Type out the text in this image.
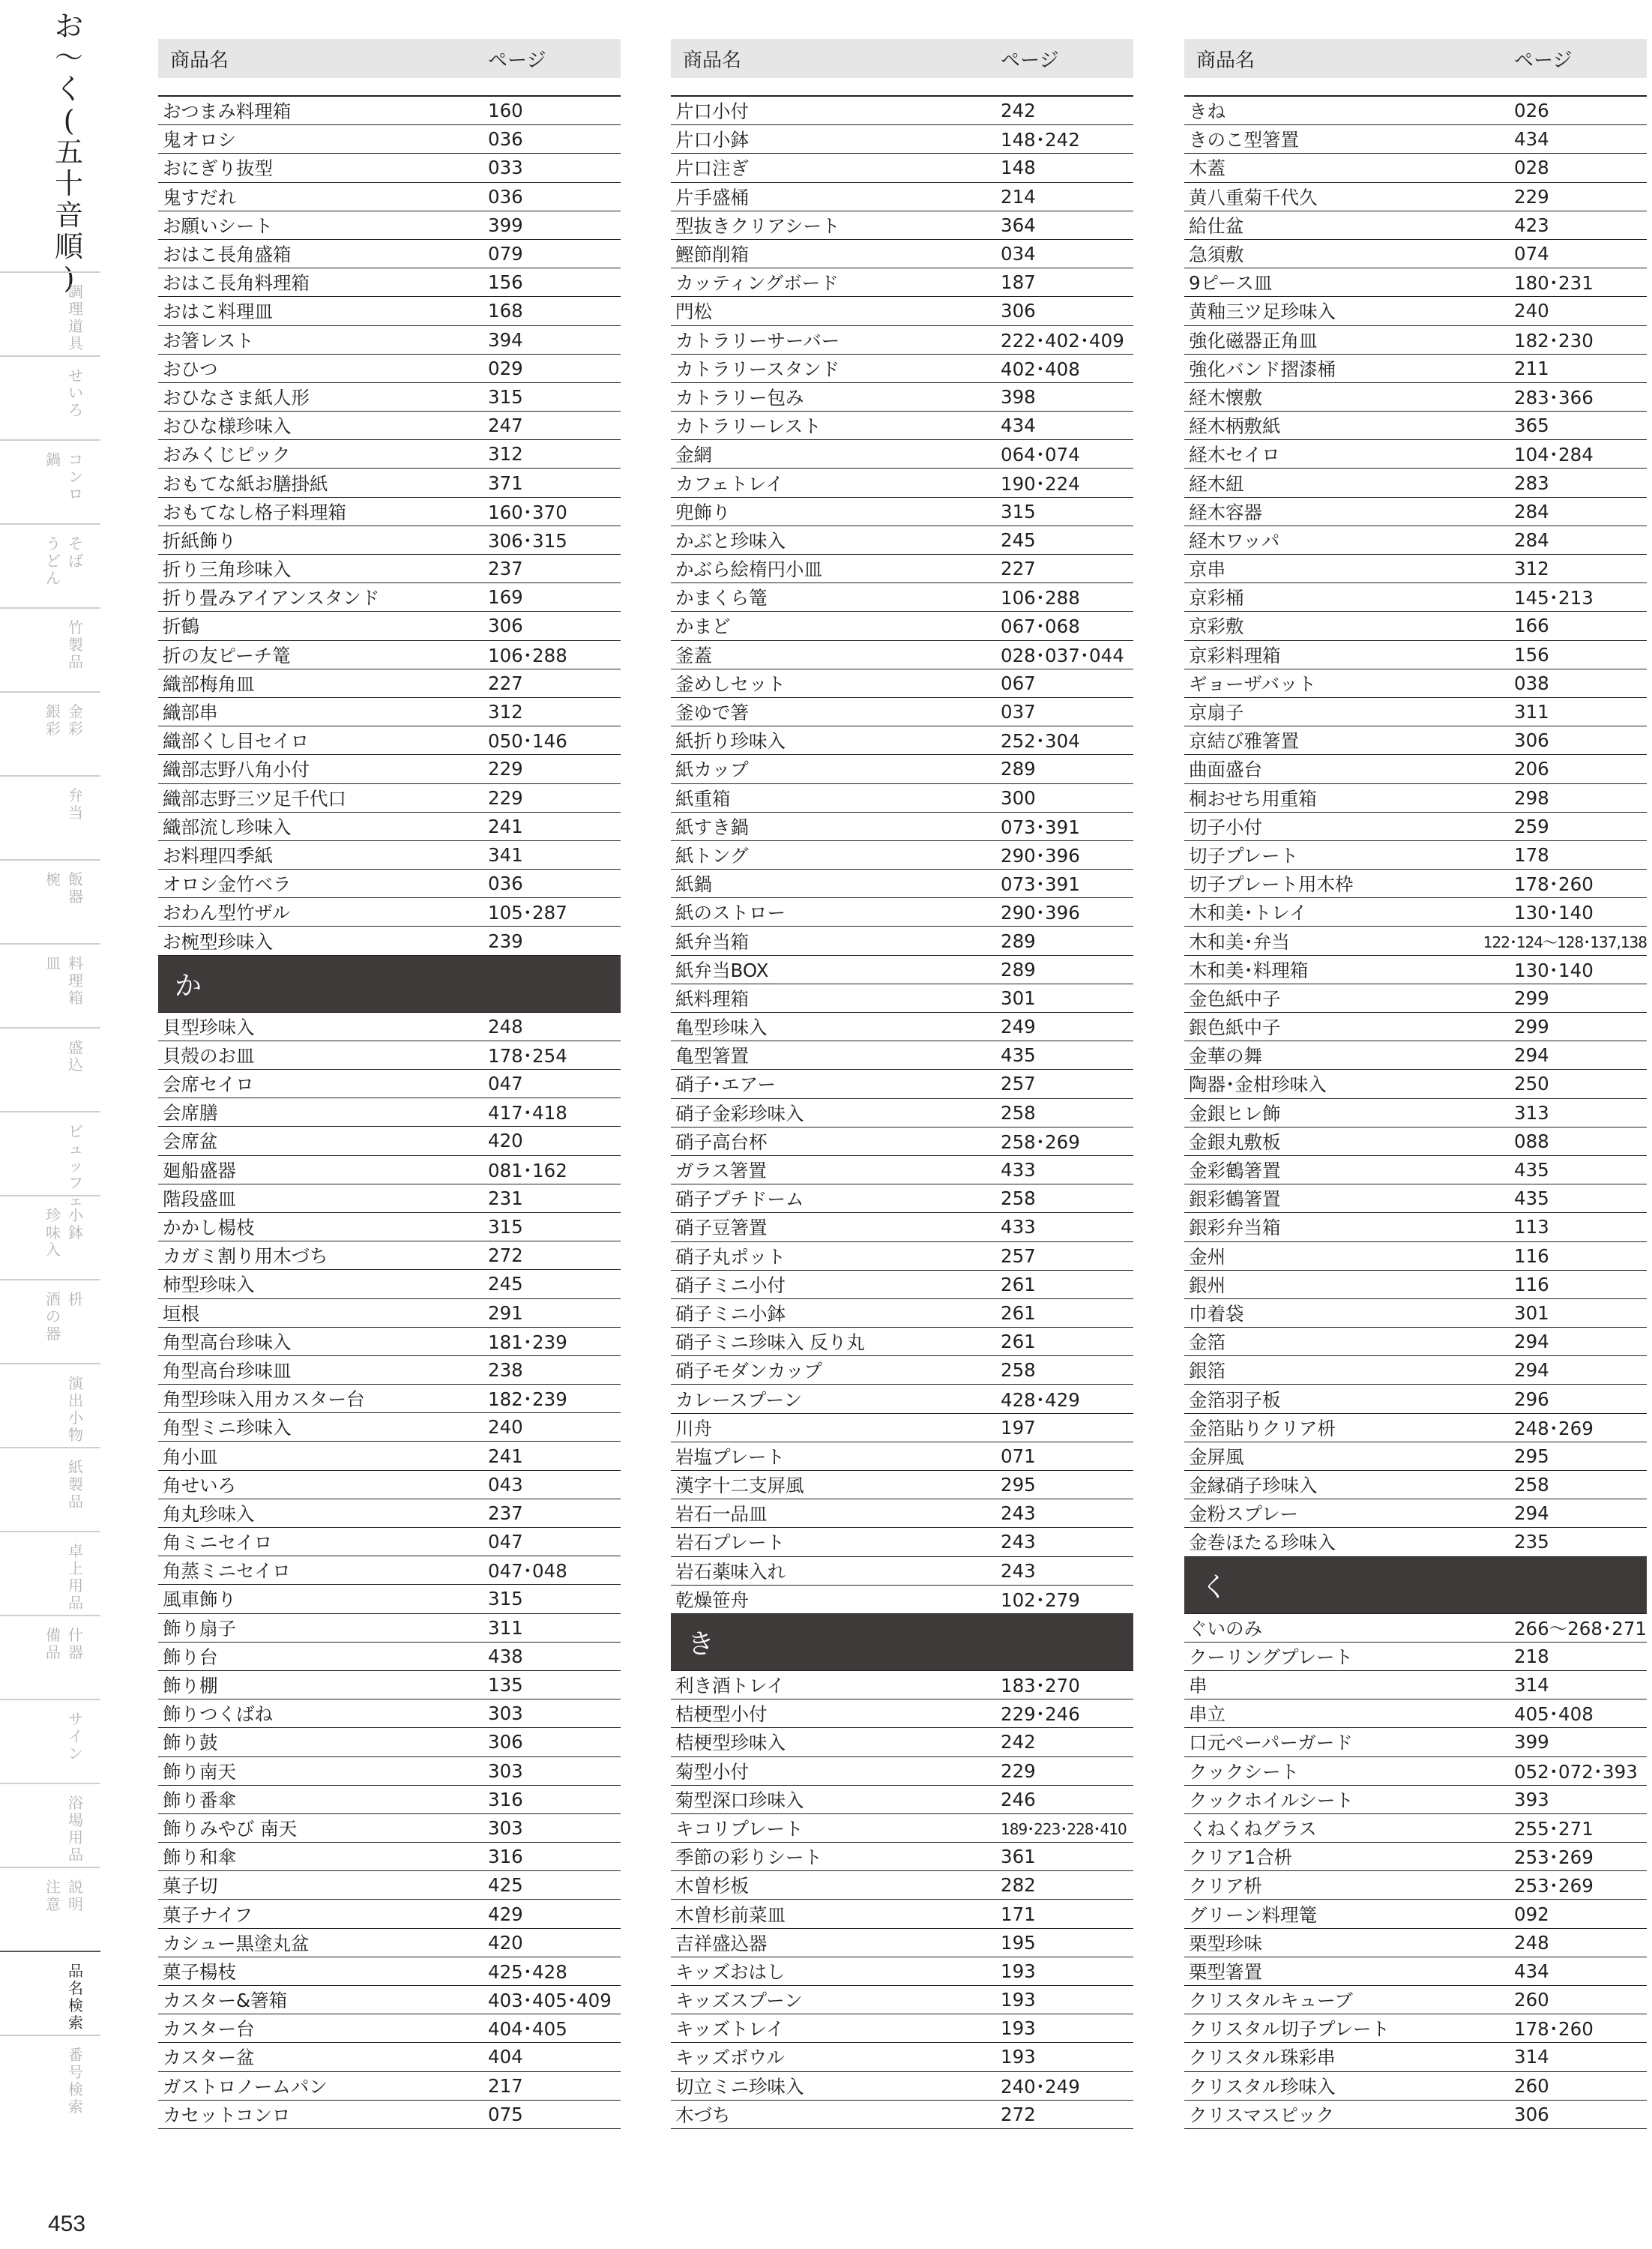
お
〜
く
(
五
十
音
順
)
調
理
道
具
せ
い
ろ
コ
ン
ロ
鍋
そ
ば
う
ど
ん
竹
製
品
金
彩
銀
彩
弁
当
飯
器
椀
料
理
箱
皿
盛
込
ビ
ュ
ッ
フ
ェ
小
鉢
珍
味
入
枡
酒
の
器
演
出
小
物
紙
製
品
卓
上
用
品
什
器
備
品
サ
イ
ン
浴
場
用
品
説
明
注
意
品
名
検
索
番
号
検
索
商品名	ページ
おつまみ料理箱	160
鬼オロシ	036
おにぎり抜型	033
鬼すだれ	036
お願いシート	399
おはこ長角盛箱	079
おはこ長角料理箱	156
おはこ料理皿	168
お箸レスト	394
おひつ	029
おひなさま紙人形	315
おひな様珍味入	247
おみくじピック	312
おもてな紙お膳掛紙	371
おもてなし格子料理箱	160･370
折紙飾り	306･315
折り三角珍味入	237
折り畳みアイアンスタンド	169
折鶴	306
折の友ピーチ篭	106･288
織部梅角皿	227
織部串	312
織部くし目セイロ	050･146
織部志野八角小付	229
織部志野三ツ足千代口	229
織部流し珍味入	241
お料理四季紙	341
オロシ金竹ベラ	036
おわん型竹ザル	105･287
お椀型珍味入	239
か
貝型珍味入	248
貝殻のお皿	178･254
会席セイロ	047
会席膳	417･418
会席盆	420
廻船盛器	081･162
階段盛皿	231
かかし楊枝	315
カガミ割り用木づち	272
柿型珍味入	245
垣根	291
角型高台珍味入	181･239
角型高台珍味皿	238
角型珍味入用カスター台	182･239
角型ミニ珍味入	240
角小皿	241
角せいろ	043
角丸珍味入	237
角ミニセイロ	047
角蒸ミニセイロ	047･048
風車飾り	315
飾り扇子	311
飾り台	438
飾り棚	135
飾りつくばね	303
飾り鼓	306
飾り南天	303
飾り番傘	316
飾りみやび 南天	303
飾り和傘	316
菓子切	425
菓子ナイフ	429
カシュー黒塗丸盆	420
菓子楊枝	425･428
カスター&箸箱	403･405･409
カスター台	404･405
カスター盆	404
ガストロノームパン	217
カセットコンロ	075
商品名	ページ
片口小付	242
片口小鉢	148･242
片口注ぎ	148
片手盛桶	214
型抜きクリアシート	364
鰹節削箱	034
カッティングボード	187
門松	306
カトラリーサーバー	222･402･409
カトラリースタンド	402･408
カトラリー包み	398
カトラリーレスト	434
金網	064･074
カフェトレイ	190･224
兜飾り	315
かぶと珍味入	245
かぶら絵楕円小皿	227
かまくら篭	106･288
かまど	067･068
釜蓋	028･037･044
釜めしセット	067
釜ゆで箸	037
紙折り珍味入	252･304
紙カップ	289
紙重箱	300
紙すき鍋	073･391
紙トング	290･396
紙鍋	073･391
紙のストロー	290･396
紙弁当箱	289
紙弁当BOX	289
紙料理箱	301
亀型珍味入	249
亀型箸置	435
硝子･エアー	257
硝子金彩珍味入	258
硝子高台杯	258･269
ガラス箸置	433
硝子プチドーム	258
硝子豆箸置	433
硝子丸ポット	257
硝子ミニ小付	261
硝子ミニ小鉢	261
硝子ミニ珍味入 反り丸	261
硝子モダンカップ	258
カレースプーン	428･429
川舟	197
岩塩プレート	071
漢字十二支屏風	295
岩石一品皿	243
岩石プレート	243
岩石薬味入れ	243
乾燥笹舟	102･279
き
利き酒トレイ	183･270
桔梗型小付	229･246
桔梗型珍味入	242
菊型小付	229
菊型深口珍味入	246
キコリプレート	189･223･228･410
季節の彩りシート	361
木曽杉板	282
木曽杉前菜皿	171
吉祥盛込器	195
キッズおはし	193
キッズスプーン	193
キッズトレイ	193
キッズボウル	193
切立ミニ珍味入	240･249
木づち	272
商品名	ページ
きね	026
きのこ型箸置	434
木蓋	028
黄八重菊千代久	229
給仕盆	423
急須敷	074
9ピース皿	180･231
黄釉三ツ足珍味入	240
強化磁器正角皿	182･230
強化バンド摺漆桶	211
経木懐敷	283･366
経木柄敷紙	365
経木セイロ	104･284
経木紐	283
経木容器	284
経木ワッパ	284
京串	312
京彩桶	145･213
京彩敷	166
京彩料理箱	156
ギョーザバット	038
京扇子	311
京結び雅箸置	306
曲面盛台	206
桐おせち用重箱	298
切子小付	259
切子プレート	178
切子プレート用木枠	178･260
木和美･トレイ	130･140
木和美･弁当	122･124〜128･137,138
木和美･料理箱	130･140
金色紙中子	299
銀色紙中子	299
金華の舞	294
陶器･金柑珍味入	250
金銀ヒレ飾	313
金銀丸敷板	088
金彩鶴箸置	435
銀彩鶴箸置	435
銀彩弁当箱	113
金州	116
銀州	116
巾着袋	301
金箔	294
銀箔	294
金箔羽子板	296
金箔貼りクリア枡	248･269
金屏風	295
金縁硝子珍味入	258
金粉スプレー	294
金巻ほたる珍味入	235
く
ぐいのみ	266〜268･271
クーリングプレート	218
串	314
串立	405･408
口元ペーパーガード	399
クックシート	052･072･393
クックホイルシート	393
くねくねグラス	255･271
クリア1合枡	253･269
クリア枡	253･269
グリーン料理篭	092
栗型珍味	248
栗型箸置	434
クリスタルキューブ	260
クリスタル切子プレート	178･260
クリスタル珠彩串	314
クリスタル珍味入	260
クリスマスピック	306
453
